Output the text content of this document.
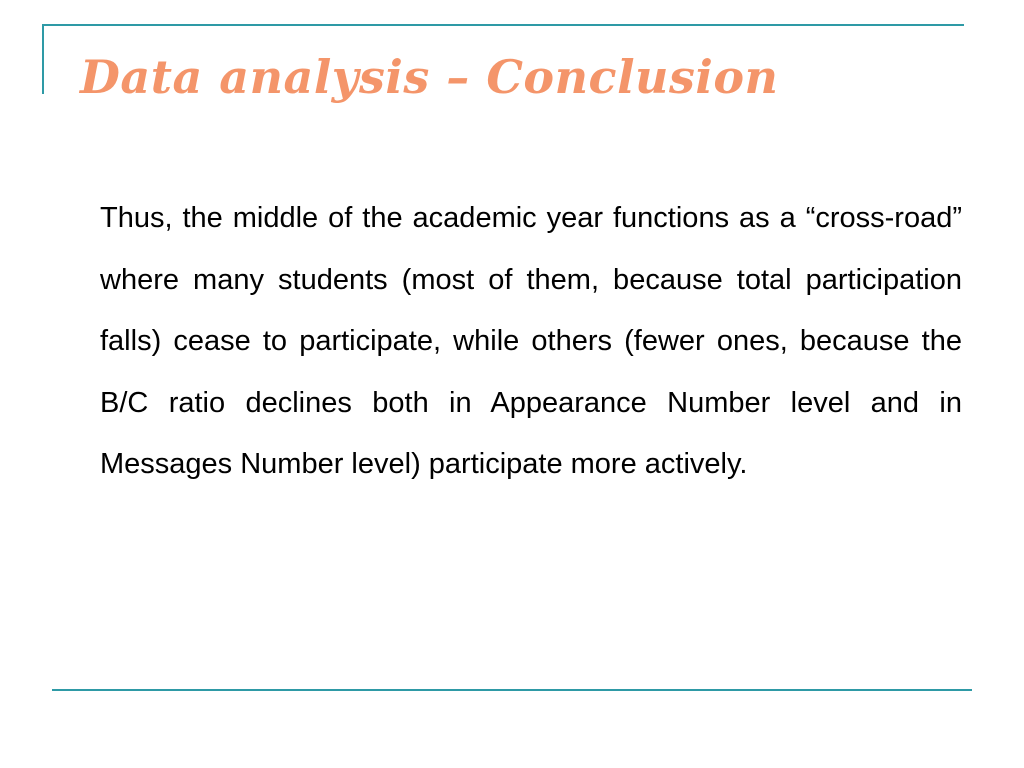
Data analysis – Conclusion

Thus, the middle of the academic year functions as a “cross-road” where many students (most of them, because total participation falls) cease to participate, while others (fewer ones, because the B/C ratio declines both in Appearance Number level and in Messages Number level) participate more actively.
